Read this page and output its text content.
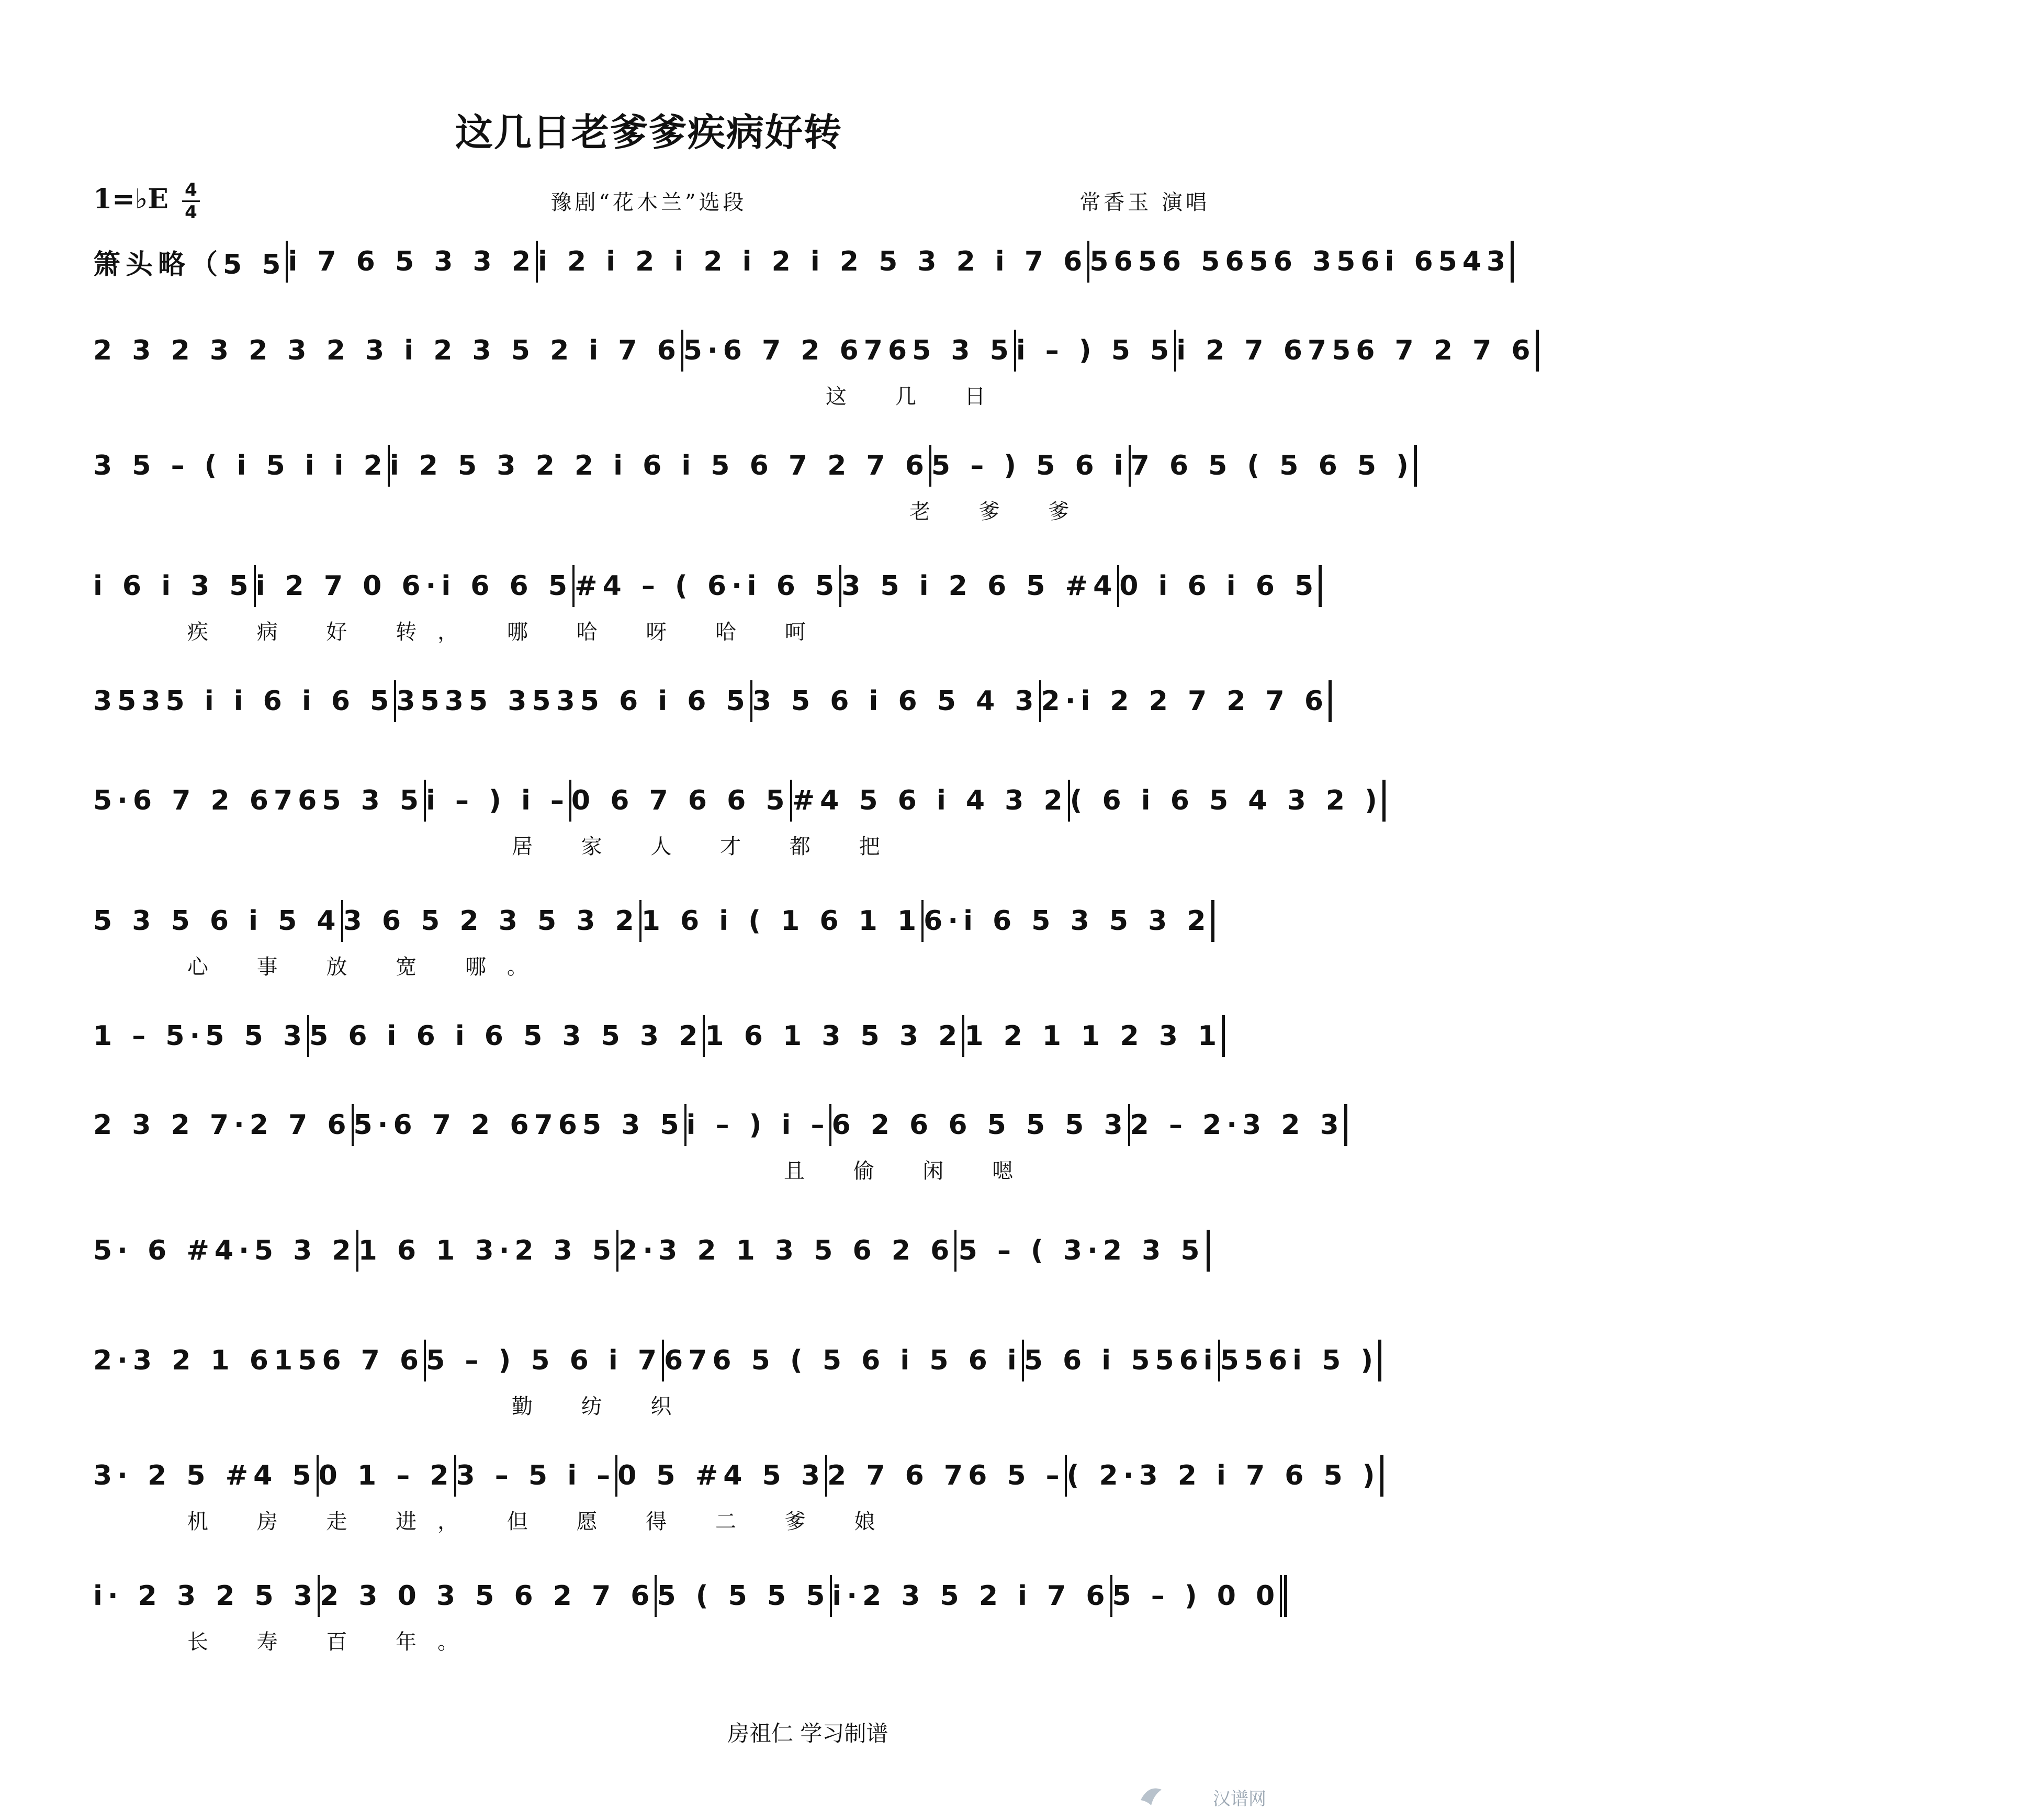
这几日老爹爹疾病好转
1=♭E 4
4	豫剧“花木兰”选段	常香玉 演唱
箫头略（5 5 i 7 6 5 3 3 2 i 2 i 2 i 2 i 2 i 2 5 3 2 i 7 6 5656 5656 356i 6543
2 3 2 3 2 3 2 3 i 2 3 5 2 i 7 6 5·6 7 2 6765 3 5 i – ) 5 5 i 2 7 6756 7 2 7 6
这 几 日
3 5 – ( i 5 i i 2 i 2 5 3 2 2 i 6 i 5 6 7 2 7 6 5 – ) 5 6 i 7 6 5 ( 5 6 5 )
老 爹 爹
i 6 i 3 5 i 2 7 0 6·i 6 6 5 #4 – ( 6·i 6 5 3 5 i 2 6 5 #4 0 i 6 i 6 5
疾 病 好 转， 哪 哈 呀 哈 呵
3535 i i 6 i 6 5 3535 3535 6 i 6 5 3 5 6 i 6 5 4 3 2·i 2 2 7 2 7 6
5·6 7 2 6765 3 5 i – ) i – 0 6 7 6 6 5 #4 5 6 i 4 3 2 ( 6 i 6 5 4 3 2 )
居 家 人 才 都 把
5 3 5 6 i 5 4 3 6 5 2 3 5 3 2 1 6 i ( 1 6 1 1 6·i 6 5 3 5 3 2
心 事 放 宽 哪。
1 – 5·5 5 3 5 6 i 6 i 6 5 3 5 3 2 1 6 1 3 5 3 2 1 2 1 1 2 3 1
2 3 2 7·2 7 6 5·6 7 2 6765 3 5 i – ) i – 6 2 6 6 5 5 5 3 2 – 2·3 2 3
且 偷 闲 嗯
5· 6 #4·5 3 2 1 6 1 3·2 3 5 2·3 2 1 3 5 6 2 6 5 – ( 3·2 3 5
2·3 2 1 6156 7 6 5 – ) 5 6 i 7 676 5 ( 5 6 i 5 6 i 5 6 i 556i 556i 5 )
勤 纺 织
3· 2 5 #4 5 0 1 – 2 3 – 5 i – 0 5 #4 5 3 2 7 6 76 5 – ( 2·3 2 i 7 6 5 )
机 房 走 进， 但 愿 得 二 爹 娘
i· 2 3 2 5 3 2 3 0 3 5 6 2 7 6 5 ( 5 5 5 i·2 3 5 2 i 7 6 5 – ) 0 0
长 寿 百 年。
房祖仁 学习制谱
汉谱网
